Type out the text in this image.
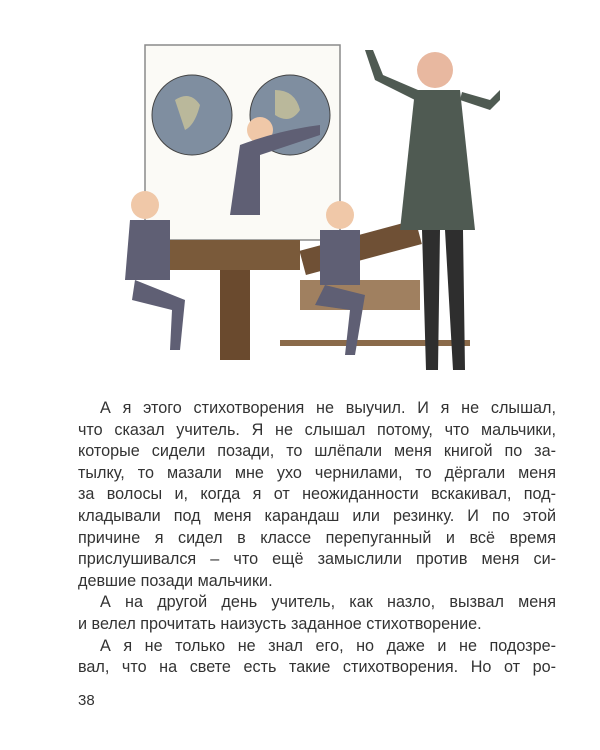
А я этого стихотворения не выучил. И я не слышал,
что сказал учитель. Я не слышал потому, что мальчики,
которые сидели позади, то шлёпали меня книгой по за-
тылку, то мазали мне ухо чернилами, то дёргали меня
за волосы и, когда я от неожиданности вскакивал, под-
кладывали под меня карандаш или резинку. И по этой
причине я сидел в классе перепуганный и всё время
прислушивался – что ещё замыслили против меня си-
девшие позади мальчики.
А на другой день учитель, как назло, вызвал меня
и велел прочитать наизусть заданное стихотворение.
А я не только не знал его, но даже и не подозре-
вал, что на свете есть такие стихотворения. Но от ро-
38
